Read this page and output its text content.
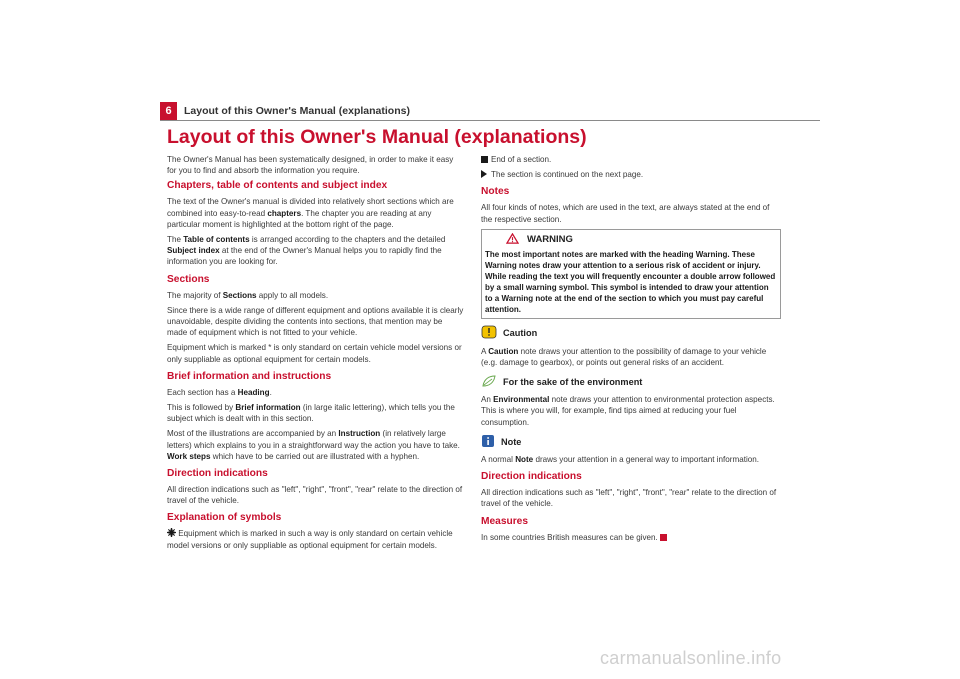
6	Layout of this Owner's Manual (explanations)
Layout of this Owner's Manual (explanations)

The Owner's Manual has been systematically designed, in order to make it easy for you to find and absorb the information you require.

Chapters, table of contents and subject index

The text of the Owner's manual is divided into relatively short sections which are combined into easy-to-read chapters. The chapter you are reading at any particular moment is highlighted at the bottom right of the page.

The Table of contents is arranged according to the chapters and the detailed Subject index at the end of the Owner's Manual helps you to rapidly find the information you are looking for.

Sections

The majority of Sections apply to all models.

Since there is a wide range of different equipment and options available it is clearly unavoidable, despite dividing the contents into sections, that mention may be made of equipment which is not fitted to your vehicle.

Equipment which is marked * is only standard on certain vehicle model versions or only suppliable as optional equipment for certain models.

Brief information and instructions

Each section has a Heading.

This is followed by Brief information (in large italic lettering), which tells you the subject which is dealt with in this section.

Most of the illustrations are accompanied by an Instruction (in relatively large letters) which explains to you in a straightforward way the action you have to take. Work steps which have to be carried out are illustrated with a hyphen.

Direction indications

All direction indications such as "left", "right", "front", "rear" relate to the direction of travel of the vehicle.

Explanation of symbols

Equipment which is marked in such a way is only standard on certain vehicle model versions or only suppliable as optional equipment for certain models.

End of a section.

The section is continued on the next page.

Notes

All four kinds of notes, which are used in the text, are always stated at the end of the respective section.

WARNING
The most important notes are marked with the heading Warning. These Warning notes draw your attention to a serious risk of accident or injury. While reading the text you will frequently encounter a double arrow followed by a small warning symbol. This symbol is intended to draw your attention to a Warning note at the end of the section to which you must pay careful attention.
Caution

A Caution note draws your attention to the possibility of damage to your vehicle (e.g. damage to gearbox), or points out general risks of an accident.

For the sake of the environment

An Environmental note draws your attention to environmental protection aspects. This is where you will, for example, find tips aimed at reducing your fuel consumption.

Note

A normal Note draws your attention in a general way to important information.

Direction indications

All direction indications such as "left", "right", "front", "rear" relate to the direction of travel of the vehicle.

Measures

In some countries British measures can be given.

carmanualsonline.info
